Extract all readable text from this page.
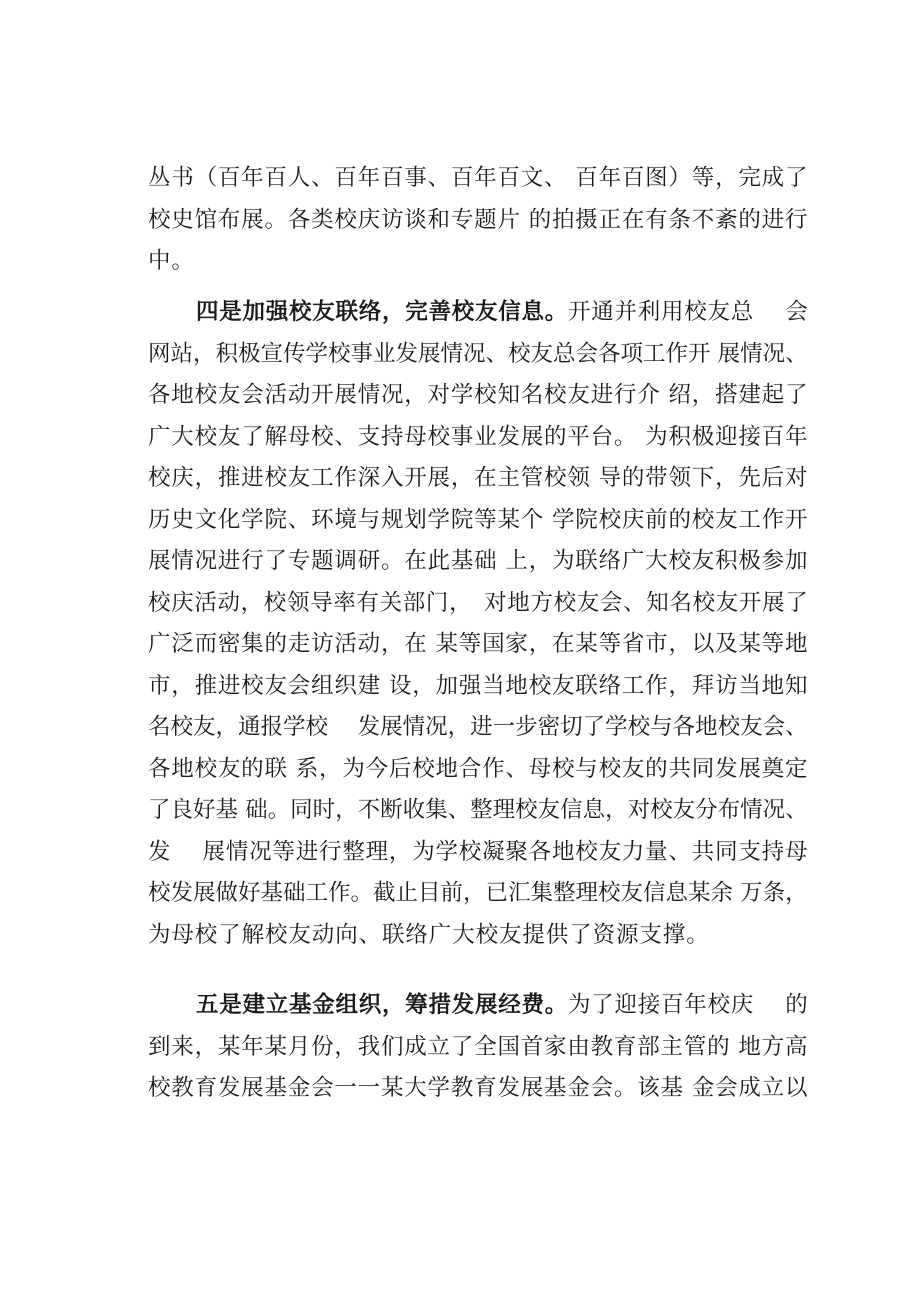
丛书（百年百人、百年百事、百年百文、 百年百图）等，完成了
校史馆布展。各类校庆访谈和专题片 的拍摄正在有条不紊的进行
中。
四是加强校友联络，完善校友信息。开通并利用校友总　 会
网站，积极宣传学校事业发展情况、校友总会各项工作开 展情况、
各地校友会活动开展情况，对学校知名校友进行介 绍，搭建起了
广大校友了解母校、支持母校事业发展的平台。 为积极迎接百年
校庆，推进校友工作深入开展，在主管校领 导的带领下，先后对
历史文化学院、环境与规划学院等某个 学院校庆前的校友工作开
展情况进行了专题调研。在此基础 上，为联络广大校友积极参加
校庆活动，校领导率有关部门，　对地方校友会、知名校友开展了
广泛而密集的走访活动，在 某等国家，在某等省市，以及某等地
市，推进校友会组织建 设，加强当地校友联络工作，拜访当地知
名校友，通报学校　 发展情况，进一步密切了学校与各地校友会、
各地校友的联 系，为今后校地合作、母校与校友的共同发展奠定
了良好基 础。同时，不断收集、整理校友信息，对校友分布情况、
发　 展情况等进行整理，为学校凝聚各地校友力量、共同支持母
校发展做好基础工作。截止目前，已汇集整理校友信息某余 万条，
为母校了解校友动向、联络广大校友提供了资源支撑。
五是建立基金组织，筹措发展经费。为了迎接百年校庆　 的
到来，某年某月份，我们成立了全国首家由教育部主管的 地方高
校教育发展基金会一一某大学教育发展基金会。该基 金会成立以
